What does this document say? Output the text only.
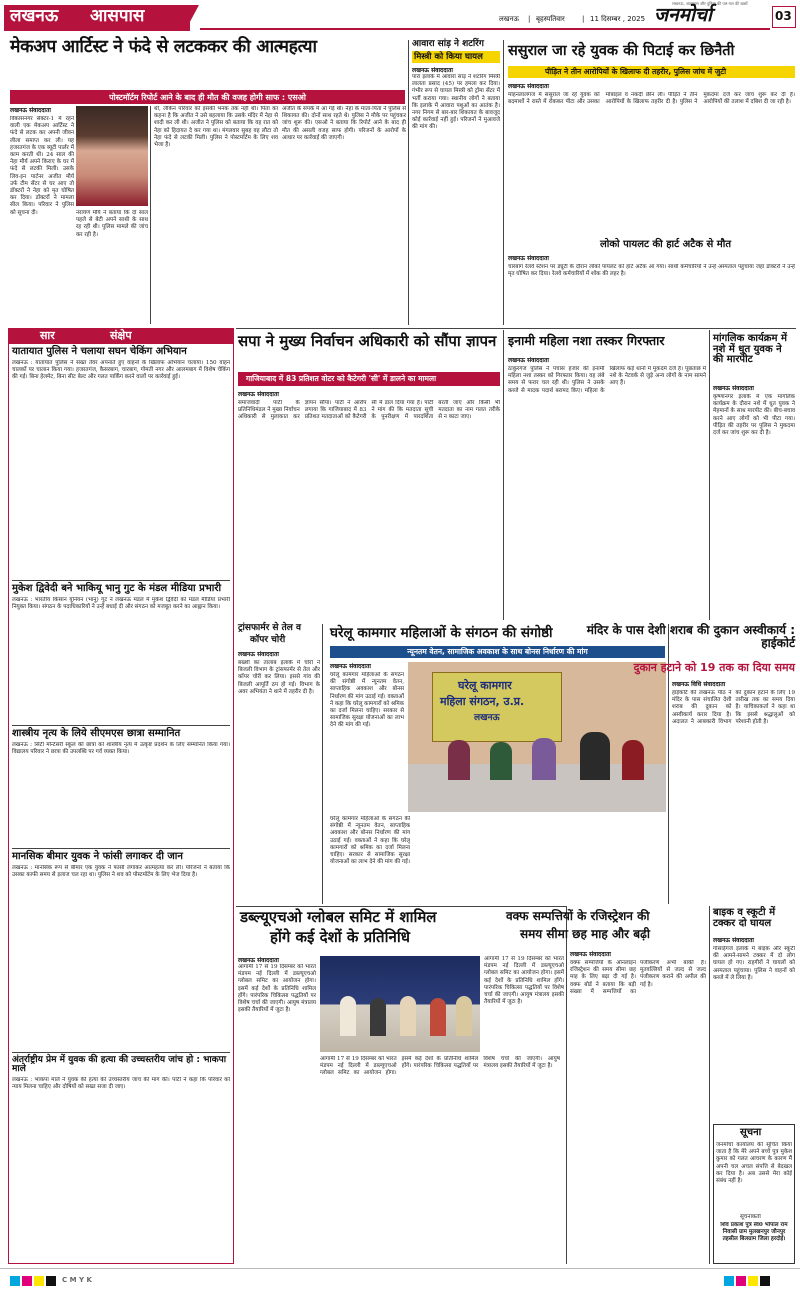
लखनऊ आसपास
लखनऊ, आसपास और दुनिया की पल-पल की खबरें
लखनऊ | बृहस्पतिवार | 11 दिसम्बर , 2025 जनमोर्चा	03
मेकअप आर्टिस्ट ने फंदे से लटककर की आत्महत्या
पोस्टमॉर्टम रिपोर्ट आने के बाद ही मौत की वजह होगी साफ : एसओ
लखनऊ संवाददाता
विकासनगर सेक्टर-1 में रहने वाली एक मेकअप आर्टिस्ट ने फंदे से लटक कर अपनी जीवन लीला समाप्त कर ली। यह हजरतगंज के एक ब्यूटी पार्लर में काम करती थी। 24 साल की नेहा मौर्य अपने किराए के घर में फंदे से लटकी मिली। उसके लिव-इन पार्टनर अजीत मौर्य उर्फ टीम सेंटर से घर आए तो डॉक्टरों ने नेहा को मृत घोषित कर दिया। डॉक्टरों ने मामला सील किया। परिवार ने पुलिस को सूचना दी।	नरायण मौर्य ने बताया कि दो साल पहले से बेटी अपने साथी के साथ रह रही थी। पुलिस मामले की जांच कर रही है।
थी, लेकिन परिवार को इसकी भनक तक नहीं थी। पिता का कहना है कि अजीत ने उसे बहलाया कि उसके मंदिर में नेहा से शादी कर ली थी। अजीत ने पुलिस को बताया कि वह रात को नेहा को हिदायत दे कर गया था। मंगलवार सुबह वह लौटा तो नेहा फंदे से लटकी मिली। पुलिस ने पोस्टमॉर्टम के लिए शव भेजा है।
अजीत के संपर्क में आ गई थी। नेहा के माता-पिता ने पुलिस से शिकायत की। दोनों साथ रहते थे। पुलिस ने मौके पर पहुंचकर जांच शुरू की। एसओ ने बताया कि रिपोर्ट आने के बाद ही मौत की असली वजह साफ होगी। परिजनों के आरोपों के आधार पर कार्रवाई की जाएगी।
सार	संक्षेप
यातायात पुलिस ने चलाया सघन चेकिंग अभियान
लखनऊ : यातायात पुलिस ने सख्त तेवर अपनाते हुए वाहनों के खिलाफ अभियान चलाया। 150 वाहन चालकों पर चालान किया गया। हजरतगंज, कैसरबाग, चारबाग, गोमती नगर और आलमबाग में विशेष चेकिंग की गई। बिना हेलमेट, बिना सीट बेल्ट और गलत पार्किंग करने वालों पर कार्रवाई हुई।
मुकेश द्विवेदी बने भाकियू भानु गुट के मंडल मीडिया प्रभारी
लखनऊ : भारतीय किसान यूनियन (भानु) गुट ने लखनऊ मंडल में मुकेश द्विवेदी को मंडल मीडिया प्रभारी नियुक्त किया। संगठन के पदाधिकारियों ने उन्हें बधाई दी और संगठन को मजबूत करने का आह्वान किया।
शास्त्रीय नृत्य के लिये सीएमएस छात्रा सम्मानित
लखनऊ : सिटी मोन्टेसरी स्कूल की छात्रा को शास्त्रीय नृत्य में उत्कृष्ट प्रदर्शन के लिए सम्मानित किया गया। विद्यालय परिवार ने छात्रा की उपलब्धि पर गर्व व्यक्त किया।
मानसिक बीमार युवक ने फांसी लगाकर दी जान
लखनऊ : मानसिक रूप से बीमार एक युवक ने फांसी लगाकर आत्महत्या कर ली। परिजनों ने बताया कि उसका काफी समय से इलाज चल रहा था। पुलिस ने शव को पोस्टमॉर्टम के लिए भेज दिया है।
अंतर्राष्ट्रीय प्रेम में युवक की हत्या की उच्चस्तरीय जांच हो : भाकपा माले
लखनऊ : भाकपा माले ने युवक की हत्या की उच्चस्तरीय जांच की मांग की। पार्टी ने कहा कि परिवार को न्याय मिलना चाहिए और दोषियों को सख्त सजा दी जाए।
आवारा सांड़ ने शटरिंग
मिस्त्री को किया घायल
लखनऊ संवाददाता
पारा इलाके में आवारा सांड़ ने शटरिंग मिस्त्री लालता प्रसाद (45) पर हमला कर दिया। गंभीर रूप से घायल मिस्त्री को ट्रॉमा सेंटर में भर्ती कराया गया। स्थानीय लोगों ने बताया कि इलाके में आवारा पशुओं का आतंक है। नगर निगम से बार-बार शिकायत के बावजूद कोई कार्रवाई नहीं हुई। परिजनों ने मुआवजे की मांग की।
ससुराल जा रहे युवक की पिटाई कर छिनैती
पीड़ित ने तीन आरोपियों के खिलाफ दी तहरीर, पुलिस जांच में जुटी
लखनऊ संवाददाता
मोहनलालगंज में ससुराल जा रहे युवक को बदमाशों ने रास्ते में रोककर पीटा और उसका मोबाइल व नकदी छीन ली। पीड़ित ने तीन आरोपियों के खिलाफ तहरीर दी है। पुलिस ने मुकदमा दर्ज कर जांच शुरू कर दी है। आरोपियों की तलाश में दबिश दी जा रही है।
लोको पायलट की हार्ट अटैक से मौत
लखनऊ संवाददाता
चारबाग रेलवे स्टेशन पर ड्यूटी के दौरान लोको पायलट को हार्ट अटैक आ गया। साथी कर्मचारियों ने उन्हें अस्पताल पहुंचाया जहां डॉक्टरों ने उन्हें मृत घोषित कर दिया। रेलवे कर्मचारियों में शोक की लहर है।
सपा ने मुख्य निर्वाचन अधिकारी को सौंपा ज्ञापन
गाजियाबाद में 83 प्रतिशत वोटर को कैटेगरी 'सी' में डालने का मामला
लखनऊ संवाददाता
समाजवादी पार्टी के प्रतिनिधिमंडल ने मुख्य निर्वाचन अधिकारी से मुलाकात कर ज्ञापन सौंपा। पार्टी ने आरोप लगाया कि गाजियाबाद में 83 प्रतिशत मतदाताओं को कैटेगरी सी में डाल दिया गया है। पार्टी ने मांग की कि मतदाता सूची के पुनरीक्षण में पारदर्शिता बरती जाए और किसी भी मतदाता का नाम गलत तरीके से न काटा जाए।
इनामी महिला नशा तस्कर गिरफ्तार
लखनऊ संवाददाता
ठाकुरगंज पुलिस ने पचास हजार की इनामी महिला नशा तस्कर को गिरफ्तार किया। वह लंबे समय से फरार चल रही थी। पुलिस ने उसके कब्जे से मादक पदार्थ बरामद किए। महिला के खिलाफ कई थानों में मुकदमे दर्ज हैं। पूछताछ में नशे के नेटवर्क से जुड़े अन्य लोगों के नाम सामने आए हैं।
मांगलिक कार्यक्रम में नशे में धुत युवक ने की मारपीट
लखनऊ संवाददाता
कृष्णानगर इलाके में एक मांगलिक कार्यक्रम के दौरान नशे में धुत युवक ने मेहमानों के साथ मारपीट की। बीच-बचाव करने आए लोगों को भी पीटा गया। पीड़ित की तहरीर पर पुलिस ने मुकदमा दर्ज कर जांच शुरू कर दी है।
ट्रांसफार्मर से तेल व
कॉपर चोरी
लखनऊ संवाददाता
बख्शी का तालाब इलाके में चोरों ने बिजली विभाग के ट्रांसफार्मर से तेल और कॉपर चोरी कर लिया। इससे गांव की बिजली आपूर्ति ठप हो गई। विभाग के अवर अभियंता ने थाने में तहरीर दी है।
घरेलू कामगार महिलाओं के संगठन की संगोष्ठी
न्यूनतम वेतन, सामाजिक अवकाश के साथ बोनस निर्धारण की मांग
घरेलू कामगार
महिला संगठन, उ.प्र.
लखनऊ
लखनऊ संवाददाता
घरेलू कामगार महिलाओं के संगठन की संगोष्ठी में न्यूनतम वेतन, साप्ताहिक अवकाश और बोनस निर्धारण की मांग उठाई गई। वक्ताओं ने कहा कि घरेलू कामगारों को श्रमिक का दर्जा मिलना चाहिए। सरकार से सामाजिक सुरक्षा योजनाओं का लाभ देने की मांग की गई।
घरेलू कामगार महिलाओं के संगठन की संगोष्ठी में न्यूनतम वेतन, साप्ताहिक अवकाश और बोनस निर्धारण की मांग उठाई गई। वक्ताओं ने कहा कि घरेलू कामगारों को श्रमिक का दर्जा मिलना चाहिए। सरकार से सामाजिक सुरक्षा योजनाओं का लाभ देने की मांग की गई।
मंदिर के पास देशी शराब की दुकान अस्वीकार्य : हाईकोर्ट
दुकान हटाने को 19 तक का दिया समय
लखनऊ विधि संवाददाता
हाईकोर्ट की लखनऊ पीठ ने मंदिर के पास संचालित देशी शराब की दुकान को अस्वीकार्य करार दिया है। अदालत ने आबकारी विभाग को दुकान हटाने के लिए 19 तारीख तक का समय दिया है। याचिकाकर्ता ने कहा था कि इससे श्रद्धालुओं को परेशानी होती है।
डब्ल्यूएचओ ग्लोबल समिट में शामिल
होंगे कई देशों के प्रतिनिधि
लखनऊ संवाददाता
आगामी 17 से 19 दिसम्बर को भारत मंडपम नई दिल्ली में डब्ल्यूएचओ ग्लोबल समिट का आयोजन होगा। इसमें कई देशों के प्रतिनिधि शामिल होंगे। पारंपरिक चिकित्सा पद्धतियों पर विशेष चर्चा की जाएगी। आयुष मंत्रालय इसकी तैयारियों में जुटा है।
आगामी 17 से 19 दिसम्बर को भारत मंडपम नई दिल्ली में डब्ल्यूएचओ ग्लोबल समिट का आयोजन होगा। इसमें कई देशों के प्रतिनिधि शामिल होंगे। पारंपरिक चिकित्सा पद्धतियों पर विशेष चर्चा की जाएगी। आयुष मंत्रालय इसकी तैयारियों में जुटा है।
आगामी 17 से 19 दिसम्बर को भारत मंडपम नई दिल्ली में डब्ल्यूएचओ ग्लोबल समिट का आयोजन होगा। इसमें कई देशों के प्रतिनिधि शामिल होंगे। पारंपरिक चिकित्सा पद्धतियों पर विशेष चर्चा की जाएगी। आयुष मंत्रालय इसकी तैयारियों में जुटा है।
वक्फ सम्पत्तियों के रजिस्ट्रेशन की
समय सीमा छह माह और बढ़ी
लखनऊ संवाददाता
वक्फ सम्पत्तियों के ऑनलाइन रजिस्ट्रेशन की समय सीमा छह माह के लिए बढ़ा दी गई है। वक्फ बोर्ड ने बताया कि बड़ी संख्या में सम्पत्तियों का पंजीकरण अभी बाकी है। मुतवल्लियों से जल्द से जल्द पंजीकरण कराने की अपील की गई है।
बाइक व स्कूटी में टक्कर दो घायल
लखनऊ संवाददाता
गोसाईगंज इलाके में बाइक और स्कूटी की आमने-सामने टक्कर में दो लोग घायल हो गए। राहगीरों ने घायलों को अस्पताल पहुंचाया। पुलिस ने वाहनों को कब्जे में ले लिया है।
सूचना
जनमोर्चा कार्यालय की सूचित किया जाता है कि मेरे अपने बच्चे पुत्र मुकेश कुमार को गलत आचरण के कारण मैं अपनी चल अचल संपत्ति से बेदखल कर दिया है। अब उससे मेरा कोई संबंध नहीं है।
सूचनाकर्ता
शिव प्रकाश पुत्र स्व0 भोपाल राम निवासी ग्राम मुलखनपुर जौनपुर तहसील बिलग्राम जिला हरदोई।
C M Y K
